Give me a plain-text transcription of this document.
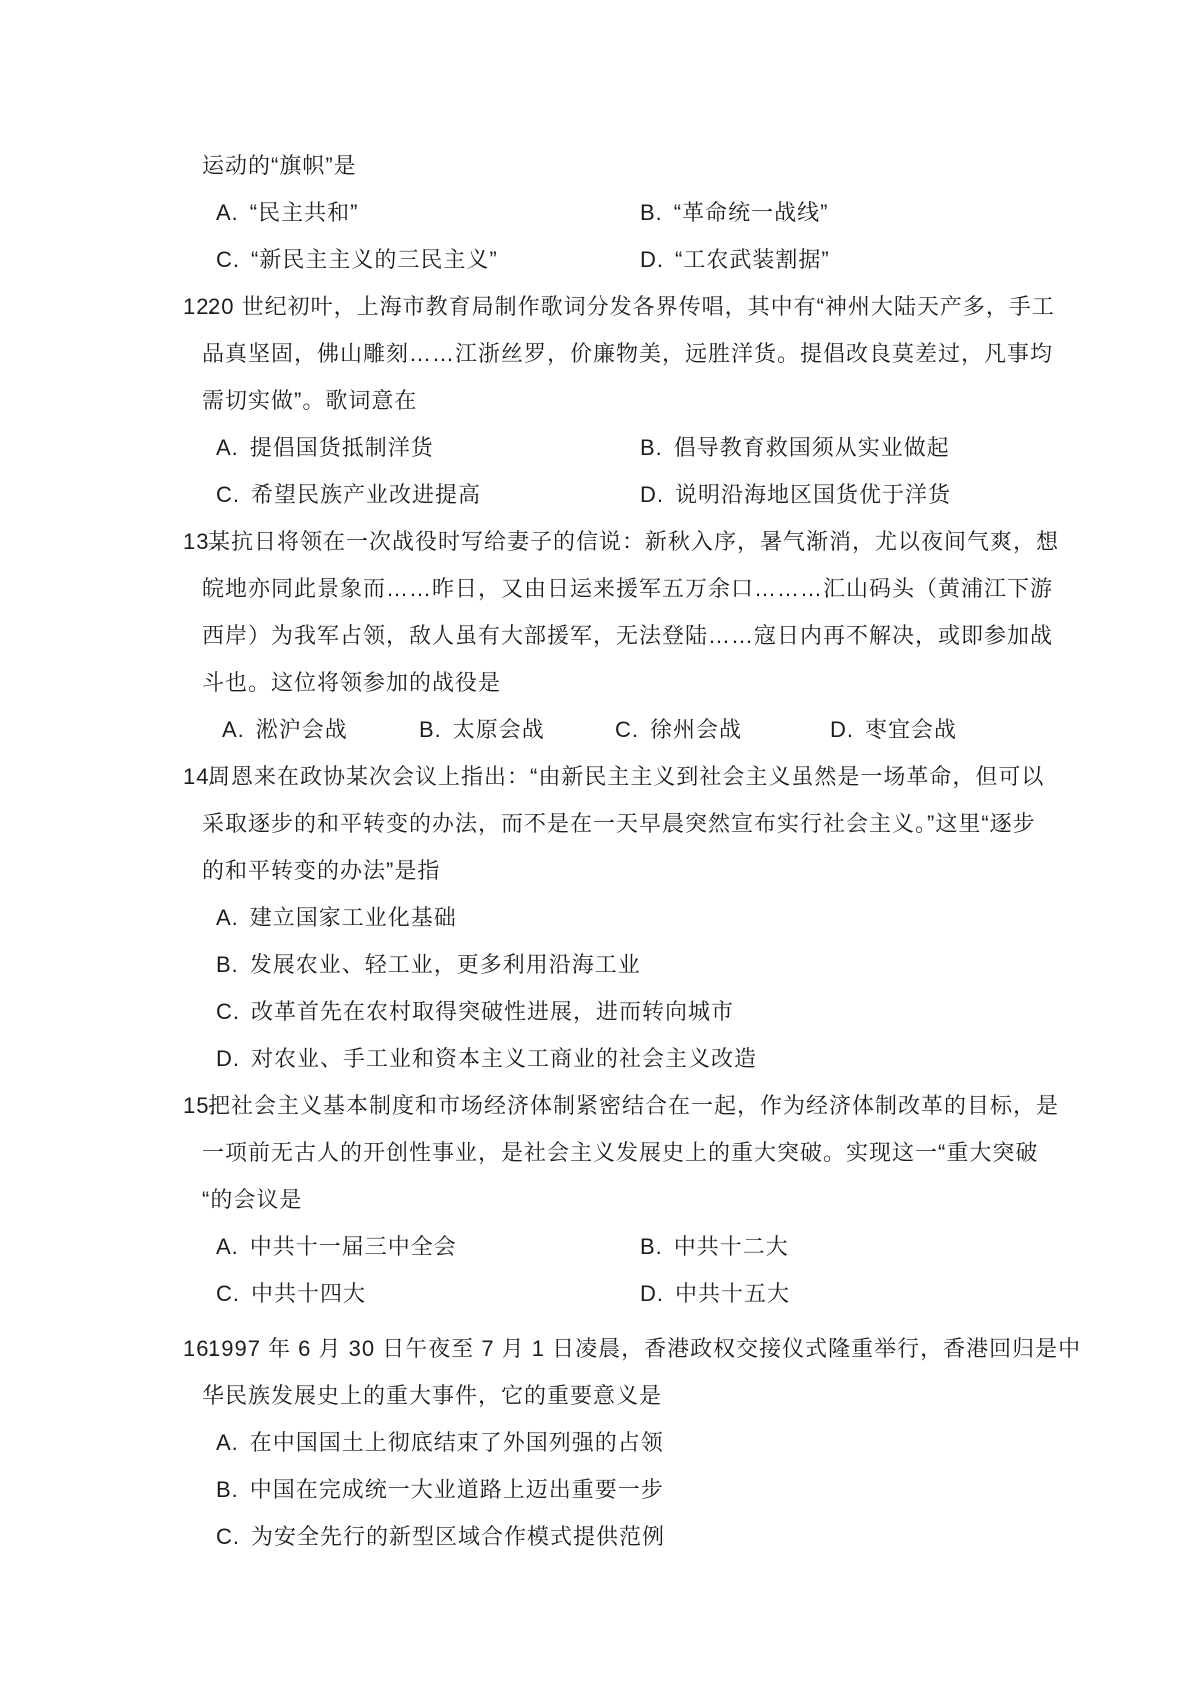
运动的“旗帜”是
A. “民主共和”	B. “革命统一战线”
C. “新民主主义的三民主义”	D. “工农武装割据”
12.
20 世纪初叶，上海市教育局制作歌词分发各界传唱，其中有“神州大陆天产多，手工
品真坚固，佛山雕刻……江浙丝罗，价廉物美，远胜洋货。提倡改良莫差过，凡事均
需切实做”。歌词意在
A. 提倡国货抵制洋货	B. 倡导教育救国须从实业做起
C. 希望民族产业改进提高	D. 说明沿海地区国货优于洋货
13.
某抗日将领在一次战役时写给妻子的信说：新秋入序，暑气渐消，尤以夜间气爽，想
皖地亦同此景象而……昨日，又由日运来援军五万余口………汇山码头（黄浦江下游
西岸）为我军占领，敌人虽有大部援军，无法登陆……寇日内再不解决，或即参加战
斗也。这位将领参加的战役是
A. 淞沪会战	B. 太原会战	C. 徐州会战	D. 枣宜会战
14.
周恩来在政协某次会议上指出：“由新民主主义到社会主义虽然是一场革命，但可以
采取逐步的和平转变的办法，而不是在一天早晨突然宣布实行社会主义。”这里“逐步
的和平转变的办法”是指
A. 建立国家工业化基础
B. 发展农业、轻工业，更多利用沿海工业
C. 改革首先在农村取得突破性进展，进而转向城市
D. 对农业、手工业和资本主义工商业的社会主义改造
15.
把社会主义基本制度和市场经济体制紧密结合在一起，作为经济体制改革的目标，是
一项前无古人的开创性事业，是社会主义发展史上的重大突破。实现这一“重大突破
“的会议是
A. 中共十一届三中全会	B. 中共十二大
C. 中共十四大	D. 中共十五大
16.
1997 年 6 月 30 日午夜至 7 月 1 日凌晨，香港政权交接仪式隆重举行，香港回归是中
华民族发展史上的重大事件，它的重要意义是
A. 在中国国土上彻底结束了外国列强的占领
B. 中国在完成统一大业道路上迈出重要一步
C. 为安全先行的新型区域合作模式提供范例
